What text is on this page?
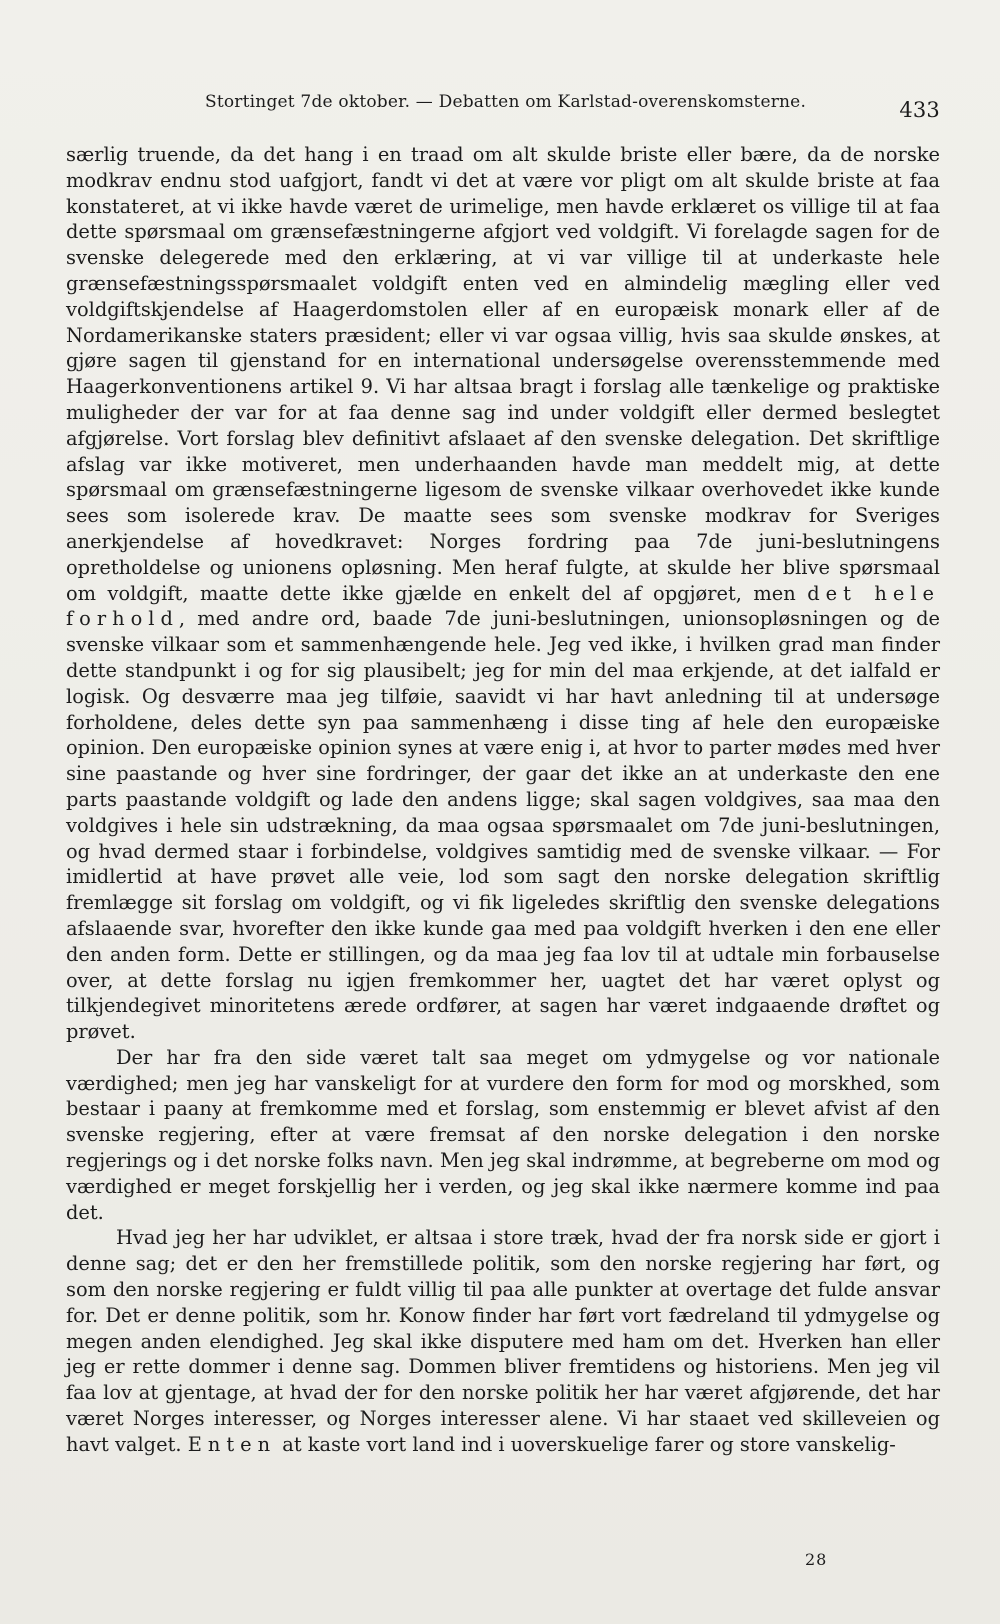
Stortinget 7de oktober. — Debatten om Karlstad-overenskomsterne.	433

særlig truende, da det hang i en traad om alt skulde briste eller bære, da de norske modkrav endnu stod uafgjort, fandt vi det at være vor pligt om alt skulde briste at faa konstateret, at vi ikke havde været de urimelige, men havde erklæret os villige til at faa dette spørsmaal om grænsefæstningerne afgjort ved voldgift. Vi forelagde sagen for de svenske delegerede med den erklæring, at vi var villige til at underkaste hele grænsefæstningsspørsmaalet voldgift enten ved en almindelig mægling eller ved voldgiftskjendelse af Haagerdomstolen eller af en europæisk monark eller af de Nordamerikanske staters præsident; eller vi var ogsaa villig, hvis saa skulde ønskes, at gjøre sagen til gjenstand for en international undersøgelse overensstemmende med Haagerkonventionens artikel 9. Vi har altsaa bragt i forslag alle tænkelige og praktiske muligheder der var for at faa denne sag ind under voldgift eller dermed beslegtet afgjørelse. Vort forslag blev definitivt afslaaet af den svenske delegation. Det skriftlige afslag var ikke motiveret, men underhaanden havde man meddelt mig, at dette spørsmaal om grænsefæstningerne ligesom de svenske vilkaar overhovedet ikke kunde sees som isolerede krav. De maatte sees som svenske modkrav for Sveriges anerkjendelse af hovedkravet: Norges fordring paa 7de juni-beslutningens opretholdelse og unionens opløsning. Men heraf fulgte, at skulde her blive spørsmaal om voldgift, maatte dette ikke gjælde en enkelt del af opgjøret, men det hele forhold, med andre ord, baade 7de juni-beslutningen, unionsopløsningen og de svenske vilkaar som et sammenhængende hele. Jeg ved ikke, i hvilken grad man finder dette standpunkt i og for sig plausibelt; jeg for min del maa erkjende, at det ialfald er logisk. Og desværre maa jeg tilføie, saavidt vi har havt anledning til at undersøge forholdene, deles dette syn paa sammenhæng i disse ting af hele den europæiske opinion. Den europæiske opinion synes at være enig i, at hvor to parter mødes med hver sine paastande og hver sine fordringer, der gaar det ikke an at underkaste den ene parts paastande voldgift og lade den andens ligge; skal sagen voldgives, saa maa den voldgives i hele sin udstrækning, da maa ogsaa spørsmaalet om 7de juni-beslutningen, og hvad dermed staar i forbindelse, voldgives samtidig med de svenske vilkaar. — For imidlertid at have prøvet alle veie, lod som sagt den norske delegation skriftlig fremlægge sit forslag om voldgift, og vi fik ligeledes skriftlig den svenske delegations afslaaende svar, hvorefter den ikke kunde gaa med paa voldgift hverken i den ene eller den anden form. Dette er stillingen, og da maa jeg faa lov til at udtale min forbauselse over, at dette forslag nu igjen fremkommer her, uagtet det har været oplyst og tilkjendegivet minoritetens ærede ordfører, at sagen har været indgaaende drøftet og prøvet.

Der har fra den side været talt saa meget om ydmygelse og vor nationale værdighed; men jeg har vanskeligt for at vurdere den form for mod og morskhed, som bestaar i paany at fremkomme med et forslag, som enstemmig er blevet afvist af den svenske regjering, efter at være fremsat af den norske delegation i den norske regjerings og i det norske folks navn. Men jeg skal indrømme, at begreberne om mod og værdighed er meget forskjellig her i verden, og jeg skal ikke nærmere komme ind paa det.

Hvad jeg her har udviklet, er altsaa i store træk, hvad der fra norsk side er gjort i denne sag; det er den her fremstillede politik, som den norske regjering har ført, og som den norske regjering er fuldt villig til paa alle punkter at overtage det fulde ansvar for. Det er denne politik, som hr. Konow finder har ført vort fædreland til ydmygelse og megen anden elendighed. Jeg skal ikke disputere med ham om det. Hverken han eller jeg er rette dommer i denne sag. Dommen bliver fremtidens og historiens. Men jeg vil faa lov at gjentage, at hvad der for den norske politik her har været afgjørende, det har været Norges interesser, og Norges interesser alene. Vi har staaet ved skilleveien og havt valget. Enten at kaste vort land ind i uoverskuelige farer og store vanskelig-

28
